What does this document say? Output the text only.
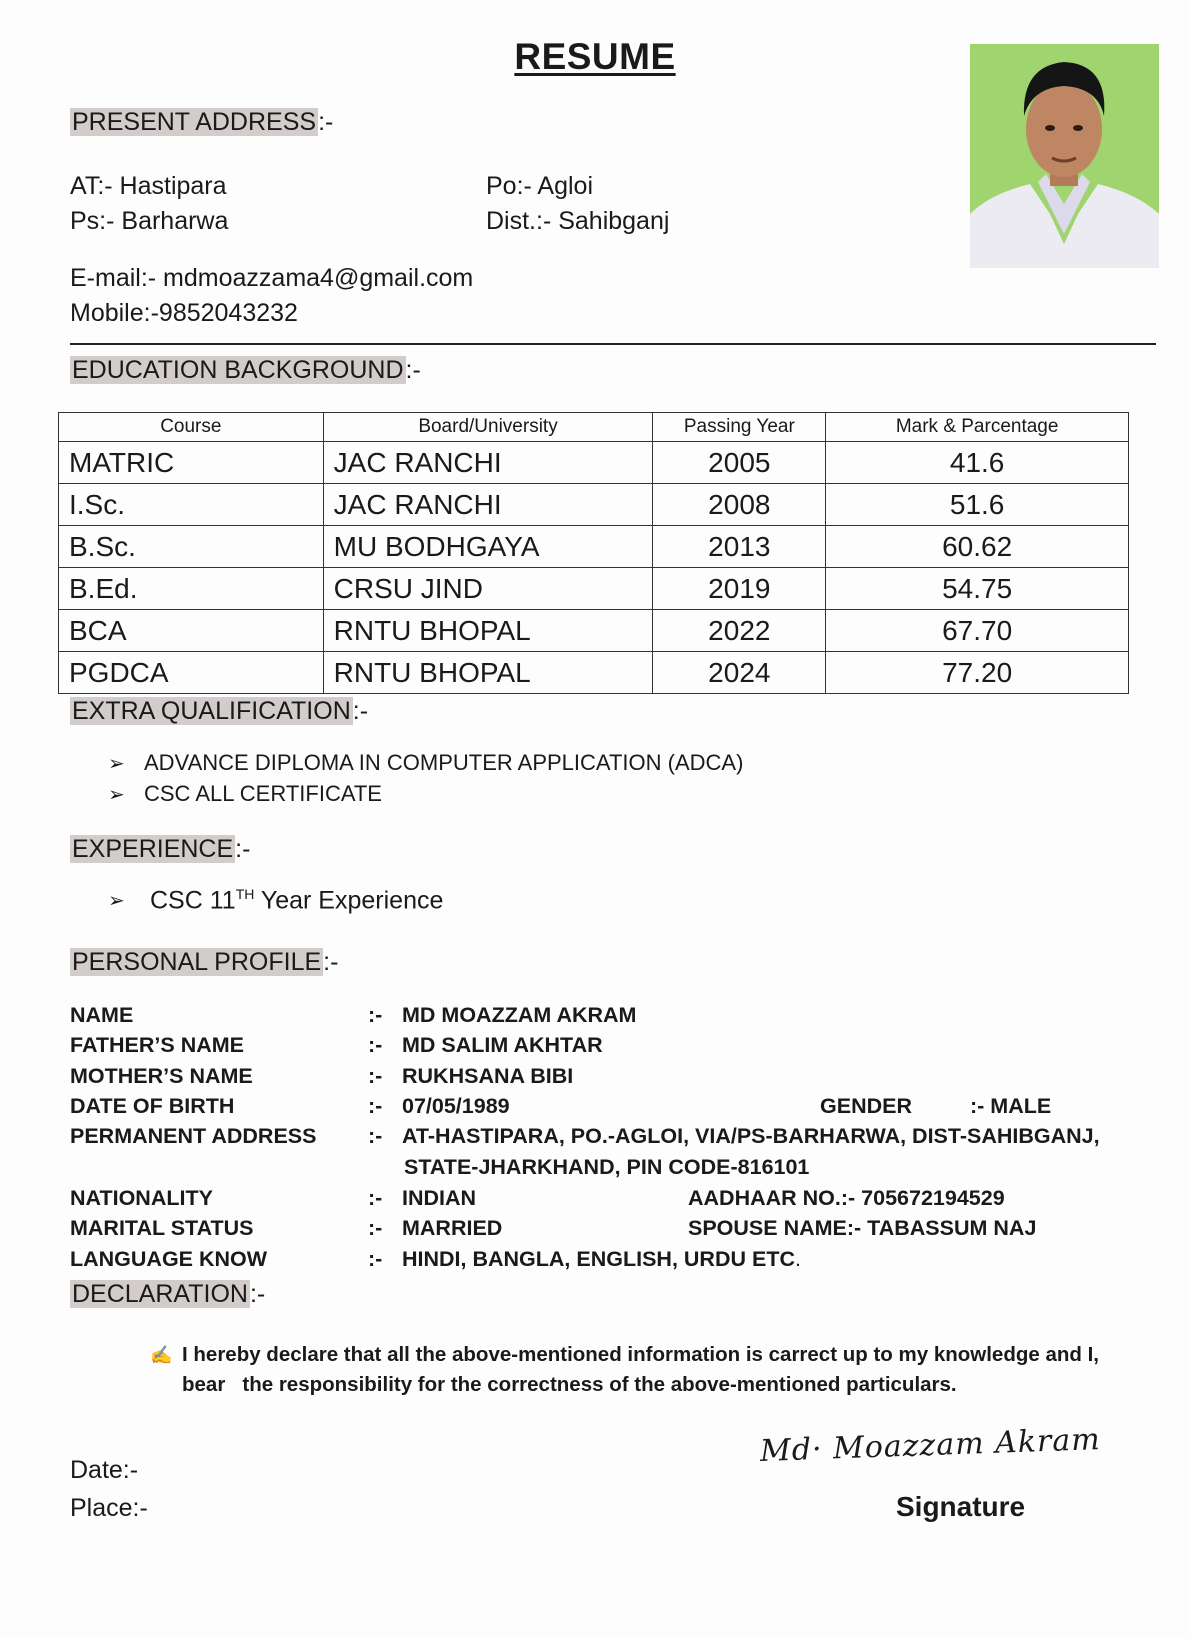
RESUME
PRESENT ADDRESS:-
AT:- Hastipara	Po:- Agloi
Ps:- Barharwa	Dist.:- Sahibganj
E-mail:- mdmoazzama4@gmail.com
Mobile:-9852043232
EDUCATION BACKGROUND:-
Course	Board/University	Passing Year	Mark & Parcentage
MATRIC	JAC RANCHI	2005	41.6
I.Sc.	JAC RANCHI	2008	51.6
B.Sc.	MU BODHGAYA	2013	60.62
B.Ed.	CRSU JIND	2019	54.75
BCA	RNTU BHOPAL	2022	67.70
PGDCA	RNTU BHOPAL	2024	77.20
EXTRA QUALIFICATION:-
➢ ADVANCE DIPLOMA IN COMPUTER APPLICATION (ADCA)
➢ CSC ALL CERTIFICATE
EXPERIENCE:-
➢	CSC 11TH Year Experience
PERSONAL PROFILE:-
NAME	:- MD MOAZZAM AKRAM
FATHER’S NAME	:- MD SALIM AKHTAR
MOTHER’S NAME	:- RUKHSANA BIBI
DATE OF BIRTH	:- 07/05/1989	GENDER	:- MALE
PERMANENT ADDRESS :- AT-HASTIPARA, PO.-AGLOI, VIA/PS-BARHARWA, DIST-SAHIBGANJ,
STATE-JHARKHAND, PIN CODE-816101
NATIONALITY	:- INDIAN	AADHAAR NO.:- 705672194529
MARITAL STATUS	:- MARRIED	SPOUSE NAME:- TABASSUM NAJ
LANGUAGE KNOW	:- HINDI, BANGLA, ENGLISH, URDU ETC.
DECLARATION:-
✍ I hereby declare that all the above-mentioned information is carrect up to my knowledge and I,
bear   the responsibility for the correctness of the above-mentioned particulars.
Date:-
Place:-
Md· Moazzam Akram
Signature
